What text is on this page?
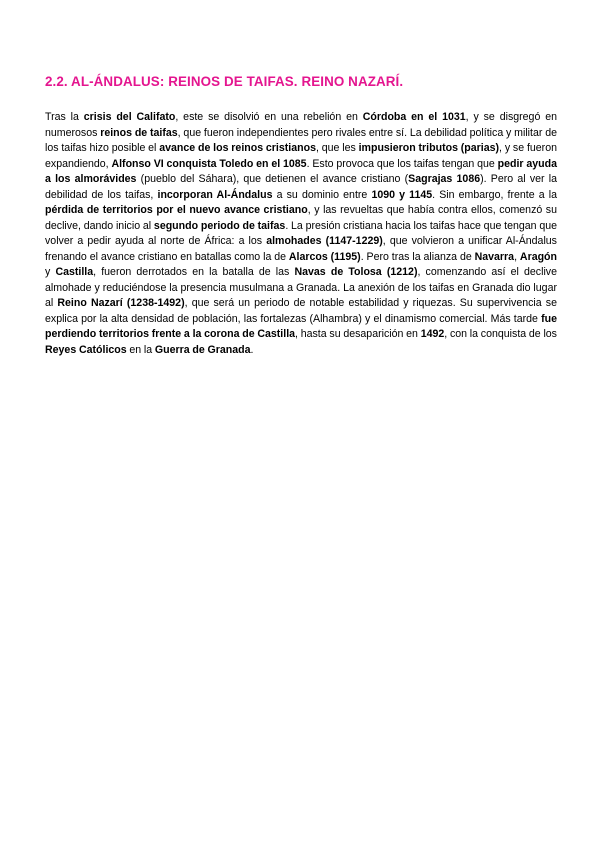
2.2. AL-ÁNDALUS: REINOS DE TAIFAS. REINO NAZARÍ.

Tras la crisis del Califato, este se disolvió en una rebelión en Córdoba en el 1031, y se disgregó en numerosos reinos de taifas, que fueron independientes pero rivales entre sí. La debilidad política y militar de los taifas hizo posible el avance de los reinos cristianos, que les impusieron tributos (parias), y se fueron expandiendo, Alfonso VI conquista Toledo en el 1085. Esto provoca que los taifas tengan que pedir ayuda a los almorávides (pueblo del Sáhara), que detienen el avance cristiano (Sagrajas 1086). Pero al ver la debilidad de los taifas, incorporan Al-Ándalus a su dominio entre 1090 y 1145. Sin embargo, frente a la pérdida de territorios por el nuevo avance cristiano, y las revueltas que había contra ellos, comenzó su declive, dando inicio al segundo periodo de taifas. La presión cristiana hacia los taifas hace que tengan que volver a pedir ayuda al norte de África: a los almohades (1147-1229), que volvieron a unificar Al-Ándalus frenando el avance cristiano en batallas como la de Alarcos (1195). Pero tras la alianza de Navarra, Aragón y Castilla, fueron derrotados en la batalla de las Navas de Tolosa (1212), comenzando así el declive almohade y reduciéndose la presencia musulmana a Granada. La anexión de los taifas en Granada dio lugar al Reino Nazarí (1238-1492), que será un periodo de notable estabilidad y riquezas. Su supervivencia se explica por la alta densidad de población, las fortalezas (Alhambra) y el dinamismo comercial. Más tarde fue perdiendo territorios frente a la corona de Castilla, hasta su desaparición en 1492, con la conquista de los Reyes Católicos en la Guerra de Granada.
